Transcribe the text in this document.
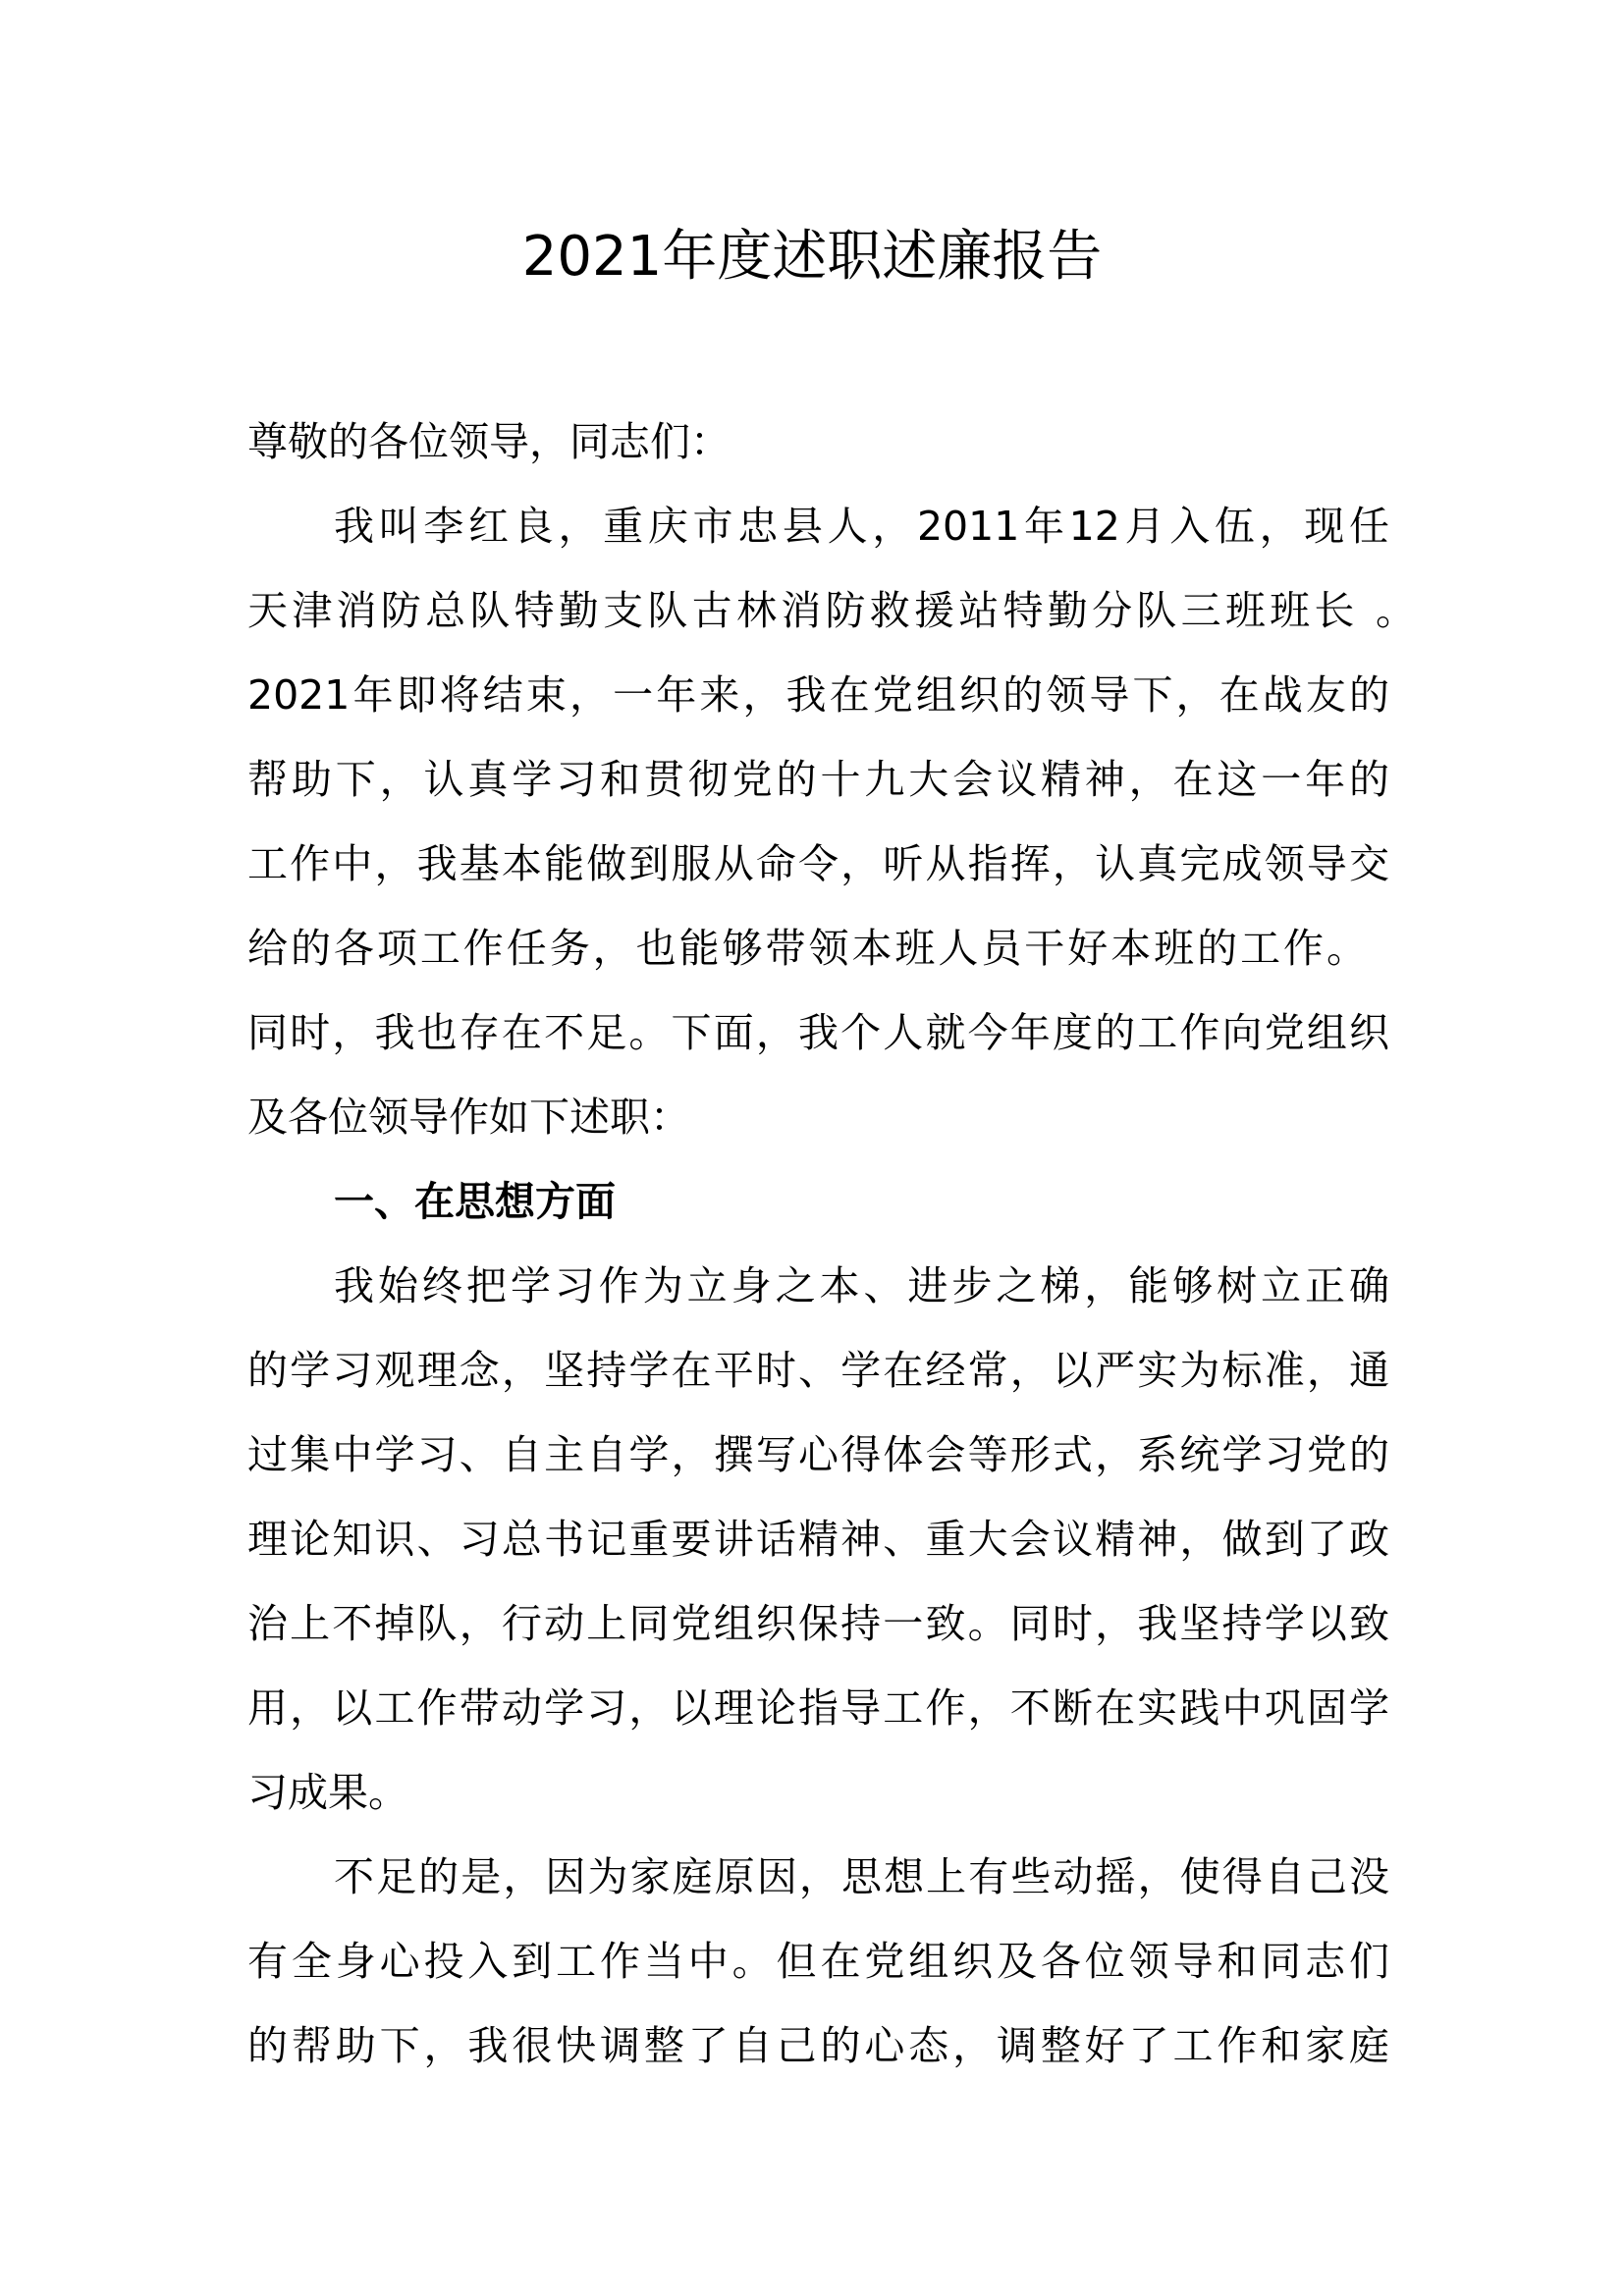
2021年度述职述廉报告
尊敬的各位领导，同志们：
我叫李红良，重庆市忠县人，2011年12月入伍，现任
天津消防总队特勤支队古林消防救援站特勤分队三班班长 。
2021年即将结束，一年来，我在党组织的领导下，在战友的
帮助下，认真学习和贯彻党的十九大会议精神，在这一年的
工作中，我基本能做到服从命令，听从指挥，认真完成领导交
给的各项工作任务，也能够带领本班人员干好本班的工作。
同时，我也存在不足。下面，我个人就今年度的工作向党组织
及各位领导作如下述职：
一、在思想方面
我始终把学习作为立身之本、进步之梯，能够树立正确
的学习观理念，坚持学在平时、学在经常，以严实为标准，通
过集中学习、自主自学，撰写心得体会等形式，系统学习党的
理论知识、习总书记重要讲话精神、重大会议精神，做到了政
治上不掉队，行动上同党组织保持一致。同时，我坚持学以致
用，以工作带动学习，以理论指导工作，不断在实践中巩固学
习成果。
不足的是，因为家庭原因，思想上有些动摇，使得自己没
有全身心投入到工作当中。但在党组织及各位领导和同志们
的帮助下，我很快调整了自己的心态，调整好了工作和家庭
